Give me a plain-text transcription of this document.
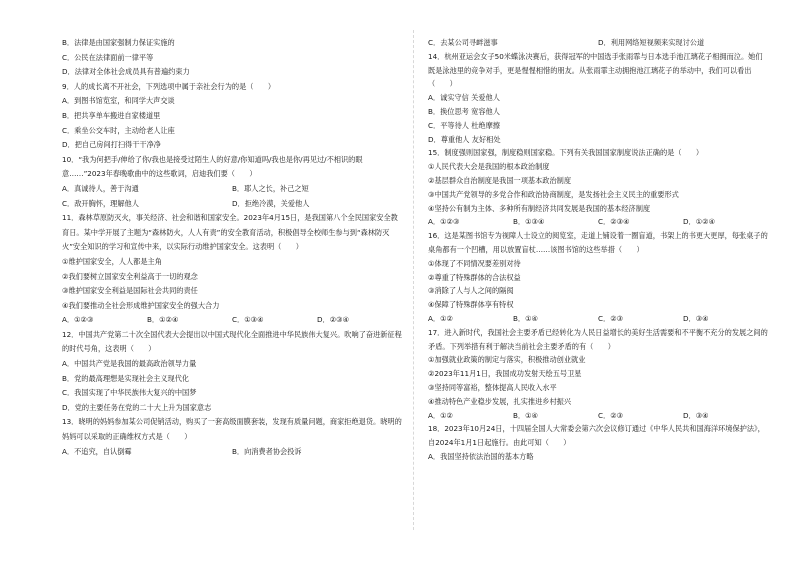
B．法律是由国家强制力保证实施的
C．公民在法律面前一律平等
D．法律对全体社会成员具有普遍约束力
9．人的成长离不开社会，下列选项中属于亲社会行为的是（　　）
A．到图书馆览室，和同学大声交谈
B．把共享单车搬进自家楼道里
C．乘坐公交车时，主动给老人让座
D．把自己房间打扫得干干净净
10．“我为何把手/伸给了你/我也是接受过陌生人的好意/你知道吗/我也是你/再见过/不相识的眼意……”2023年春晚歌曲中的这些歌词，启迪我们要（　　）
A．真诚待人，善于沟通	B．耶人之长，补己之短
C．敌开胸怀，理解他人	D．拒绝冷漠，关爱他人
11．森林草原防灭火，事关经济、社会和谐和国家安全。2023年4月15日，是我国第八个全民国家安全教育日。某中学开展了主题为“森林防火，人人有责”的安全教育活动，积极倡导全校师生参与到“森林防灭火”安全知识的学习和宣传中来，以实际行动维护国家安全。这表明（　　）
①维护国家安全，人人都是主角
②我们要树立国家安全利益高于一切的观念
③维护国家安全利益是国际社会共同的责任
④我们要推动全社会形成维护国家安全的强大合力
A．①②③	B．①②④	C．①③④	D．②③④
12．中国共产党第二十次全国代表大会提出以中国式现代化全面推进中华民族伟大复兴。吹响了奋进新征程的时代号角，这表明（　　）
A．中国共产党是我国的最高政治领导力量
B．党的最高理想是实现社会主义现代化
C．我国实现了中华民族伟大复兴的中国梦
D．党的主要任务在党的二十大上升为国家意志
13．晓明的妈妈参加某公司促销活动，购买了一套高级面膜套装，发现有质量问题，商家拒绝退货。晓明的妈妈可以采取的正确维权方式是（　　）
A．不追究，自认倒霉	B．向消费者协会投诉
C．去某公司寻衅滋事	D．利用网络短视频来实现讨公道
14．杭州亚运会女子50米蝶泳决赛后，获得冠军的中国选手张雨霏与日本选手池江璃花子相拥而泣。她们既是泳池里的竞争对手，更是惺惺相惜的朋友。从张雨霏主动拥抱池江璃花子的举动中，我们可以看出（　　）
A．诚实守信 关爱他人
B．换位思考 宽容他人
C．平等待人 杜绝摩擦
D．尊重他人 友好相处
15．制度强则国家强，制度稳则国家稳。下列有关我国国家制度说法正确的是（　　）
①人民代表大会是我国的根本政治制度
②基层群众自治制度是我国一项基本政治制度
③中国共产党领导的多党合作和政治协商制度，是发扬社会主义民主的重要形式
④坚持公有制为主体、多种所有制经济共同发展是我国的基本经济制度
A．①②③	B．①③④	C．②③④	D．①②④
16．这是某图书馆专为视障人士设立的阅览室，走道上铺设着一圈盲道，书架上的书更大更厚，每张桌子的桌角都有一个凹槽，用以放置盲杖……该图书馆的这些举措（　　）
①体现了不同情况要差别对待
②尊重了特殊群体的合法权益
③消除了人与人之间的隔阂
④保障了特殊群体享有特权
A．①②	B．①④	C．②③	D．③④
17．进入新时代，我国社会主要矛盾已经转化为人民日益增长的美好生活需要和不平衡不充分的发展之间的矛盾。下列举措有利于解决当前社会主要矛盾的有（　　）
①加强就业政策的制定与落实，积极推动创业就业
②2023年11月1日，我国成功发射天绘五号卫星
③坚持同等富裕，整体提高人民收入水平
④推动特色产业稳步发展，扎实推进乡村振兴
A．①②	B．①④	C．②③	D．③④
18．2023年10月24日，十四届全国人大常委会第六次会议修订通过《中华人民共和国海洋环境保护法》，自2024年1月1日起施行。由此可知（　　）
A．我国坚持依法治国的基本方略
